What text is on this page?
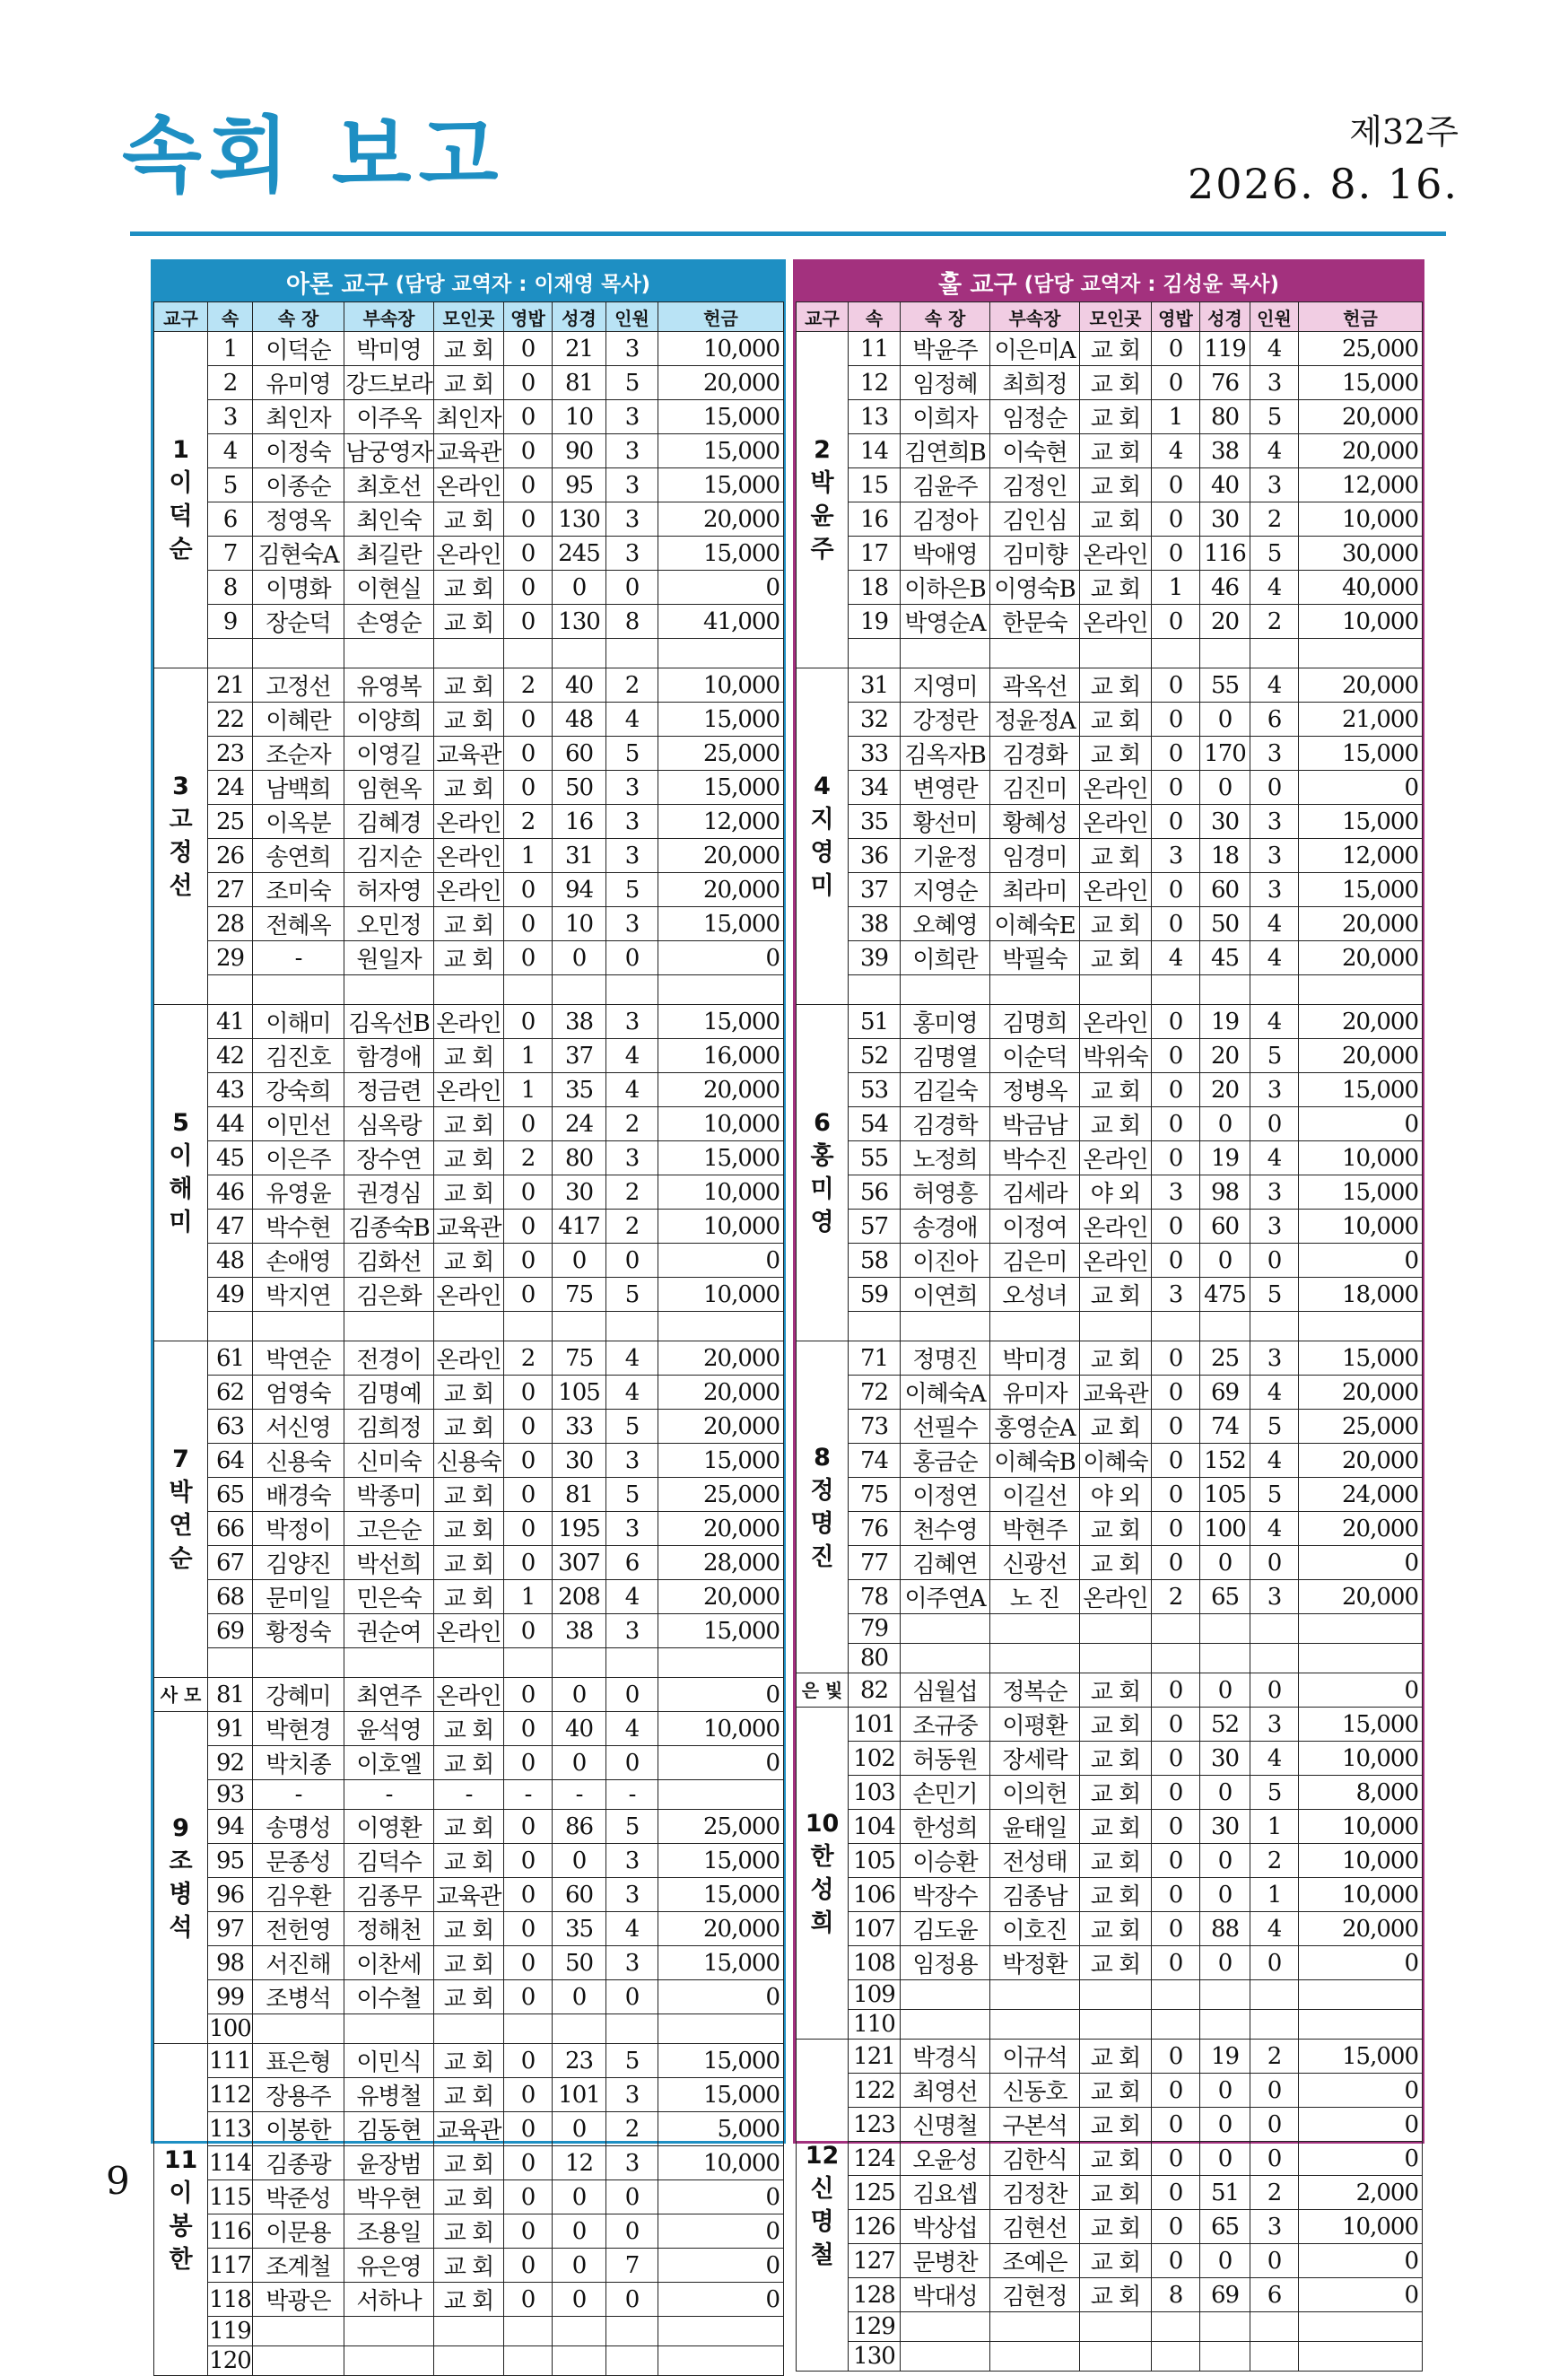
속회 보고	제32주
2026. 8. 16.
아론 교구 (담당 교역자 : 이재영 목사)
교구	속	속 장	부속장	모인곳	영밥	성경	인원	헌금

1
이
덕
순	1	이덕순	박미영	교 회	0	21	3	10,000
	2	유미영	강드보라	교 회	0	81	5	20,000
	3	최인자	이주옥	최인자	0	10	3	15,000
	4	이정숙	남궁영자	교육관	0	90	3	15,000
	5	이종순	최호선	온라인	0	95	3	15,000
	6	정영옥	최인숙	교 회	0	130	3	20,000
	7	김현숙A	최길란	온라인	0	245	3	15,000
	8	이명화	이현실	교 회	0	0	0	0
	9	장순덕	손영순	교 회	0	130	8	41,000

3
고
정
선	21	고정선	유영복	교 회	2	40	2	10,000
	22	이혜란	이양희	교 회	0	48	4	15,000
	23	조순자	이영길	교육관	0	60	5	25,000
	24	남백희	임현옥	교 회	0	50	3	15,000
	25	이옥분	김혜경	온라인	2	16	3	12,000
	26	송연희	김지순	온라인	1	31	3	20,000
	27	조미숙	허자영	온라인	0	94	5	20,000
	28	전혜옥	오민정	교 회	0	10	3	15,000
	29	-	원일자	교 회	0	0	0	0

5
이
해
미	41	이해미	김옥선B	온라인	0	38	3	15,000
	42	김진호	함경애	교 회	1	37	4	16,000
	43	강숙희	정금련	온라인	1	35	4	20,000
	44	이민선	심옥랑	교 회	0	24	2	10,000
	45	이은주	장수연	교 회	2	80	3	15,000
	46	유영윤	권경심	교 회	0	30	2	10,000
	47	박수현	김종숙B	교육관	0	417	2	10,000
	48	손애영	김화선	교 회	0	0	0	0
	49	박지연	김은화	온라인	0	75	5	10,000

7
박
연
순	61	박연순	전경이	온라인	2	75	4	20,000
	62	엄영숙	김명예	교 회	0	105	4	20,000
	63	서신영	김희정	교 회	0	33	5	20,000
	64	신용숙	신미숙	신용숙	0	30	3	15,000
	65	배경숙	박종미	교 회	0	81	5	25,000
	66	박정이	고은순	교 회	0	195	3	20,000
	67	김양진	박선희	교 회	0	307	6	28,000
	68	문미일	민은숙	교 회	1	208	4	20,000
	69	황정숙	권순여	온라인	0	38	3	15,000

사 모	81	강혜미	최연주	온라인	0	0	0	0

9
조
병
석	91	박현경	윤석영	교 회	0	40	4	10,000
	92	박치종	이호엘	교 회	0	0	0	0
	93	-	-	-	-	-	-	
	94	송명성	이영환	교 회	0	86	5	25,000
	95	문종성	김덕수	교 회	0	0	3	15,000
	96	김우환	김종무	교육관	0	60	3	15,000
	97	전헌영	정해천	교 회	0	35	4	20,000
	98	서진해	이찬세	교 회	0	50	3	15,000
	99	조병석	이수철	교 회	0	0	0	0
	100							

11
이
봉
한	111	표은형	이민식	교 회	0	23	5	15,000
	112	장용주	유병철	교 회	0	101	3	15,000
	113	이봉한	김동현	교육관	0	0	2	5,000
	114	김종광	윤장범	교 회	0	12	3	10,000
	115	박준성	박우현	교 회	0	0	0	0
	116	이문용	조용일	교 회	0	0	0	0
	117	조계철	유은영	교 회	0	0	7	0
	118	박광은	서하나	교 회	0	0	0	0
	119							
	120							
훌 교구 (담당 교역자 : 김성윤 목사)
교구	속	속 장	부속장	모인곳	영밥	성경	인원	헌금

2
박
윤
주	11	박윤주	이은미A	교 회	0	119	4	25,000
	12	임정혜	최희정	교 회	0	76	3	15,000
	13	이희자	임정순	교 회	1	80	5	20,000
	14	김연희B	이숙현	교 회	4	38	4	20,000
	15	김윤주	김정인	교 회	0	40	3	12,000
	16	김정아	김인심	교 회	0	30	2	10,000
	17	박애영	김미향	온라인	0	116	5	30,000
	18	이하은B	이영숙B	교 회	1	46	4	40,000
	19	박영순A	한문숙	온라인	0	20	2	10,000

4
지
영
미	31	지영미	곽옥선	교 회	0	55	4	20,000
	32	강정란	정윤정A	교 회	0	0	6	21,000
	33	김옥자B	김경화	교 회	0	170	3	15,000
	34	변영란	김진미	온라인	0	0	0	0
	35	황선미	황혜성	온라인	0	30	3	15,000
	36	기윤정	임경미	교 회	3	18	3	12,000
	37	지영순	최라미	온라인	0	60	3	15,000
	38	오혜영	이혜숙E	교 회	0	50	4	20,000
	39	이희란	박필숙	교 회	4	45	4	20,000

6
홍
미
영	51	홍미영	김명희	온라인	0	19	4	20,000
	52	김명열	이순덕	박위숙	0	20	5	20,000
	53	김길숙	정병옥	교 회	0	20	3	15,000
	54	김경학	박금남	교 회	0	0	0	0
	55	노정희	박수진	온라인	0	19	4	10,000
	56	허영흥	김세라	야 외	3	98	3	15,000
	57	송경애	이정여	온라인	0	60	3	10,000
	58	이진아	김은미	온라인	0	0	0	0
	59	이연희	오성녀	교 회	3	475	5	18,000

8
정
명
진	71	정명진	박미경	교 회	0	25	3	15,000
	72	이혜숙A	유미자	교육관	0	69	4	20,000
	73	선필수	홍영순A	교 회	0	74	5	25,000
	74	홍금순	이혜숙B	이혜숙	0	152	4	20,000
	75	이정연	이길선	야 외	0	105	5	24,000
	76	천수영	박현주	교 회	0	100	4	20,000
	77	김혜연	신광선	교 회	0	0	0	0
	78	이주연A	노 진	온라인	2	65	3	20,000
	79							
	80							
은 빛	82	심월섭	정복순	교 회	0	0	0	0

10
한
성
희	101	조규중	이평환	교 회	0	52	3	15,000
	102	허동원	장세락	교 회	0	30	4	10,000
	103	손민기	이의헌	교 회	0	0	5	8,000
	104	한성희	윤태일	교 회	0	30	1	10,000
	105	이승환	전성태	교 회	0	0	2	10,000
	106	박장수	김종남	교 회	0	0	1	10,000
	107	김도윤	이호진	교 회	0	88	4	20,000
	108	임정용	박정환	교 회	0	0	0	0
	109							
	110							

12
신
명
철	121	박경식	이규석	교 회	0	19	2	15,000
	122	최영선	신동호	교 회	0	0	0	0
	123	신명철	구본석	교 회	0	0	0	0
	124	오윤성	김한식	교 회	0	0	0	0
	125	김요셉	김정찬	교 회	0	51	2	2,000
	126	박상섭	김현선	교 회	0	65	3	10,000
	127	문병찬	조예은	교 회	0	0	0	0
	128	박대성	김현정	교 회	8	69	6	0
	129							
	130							
9
